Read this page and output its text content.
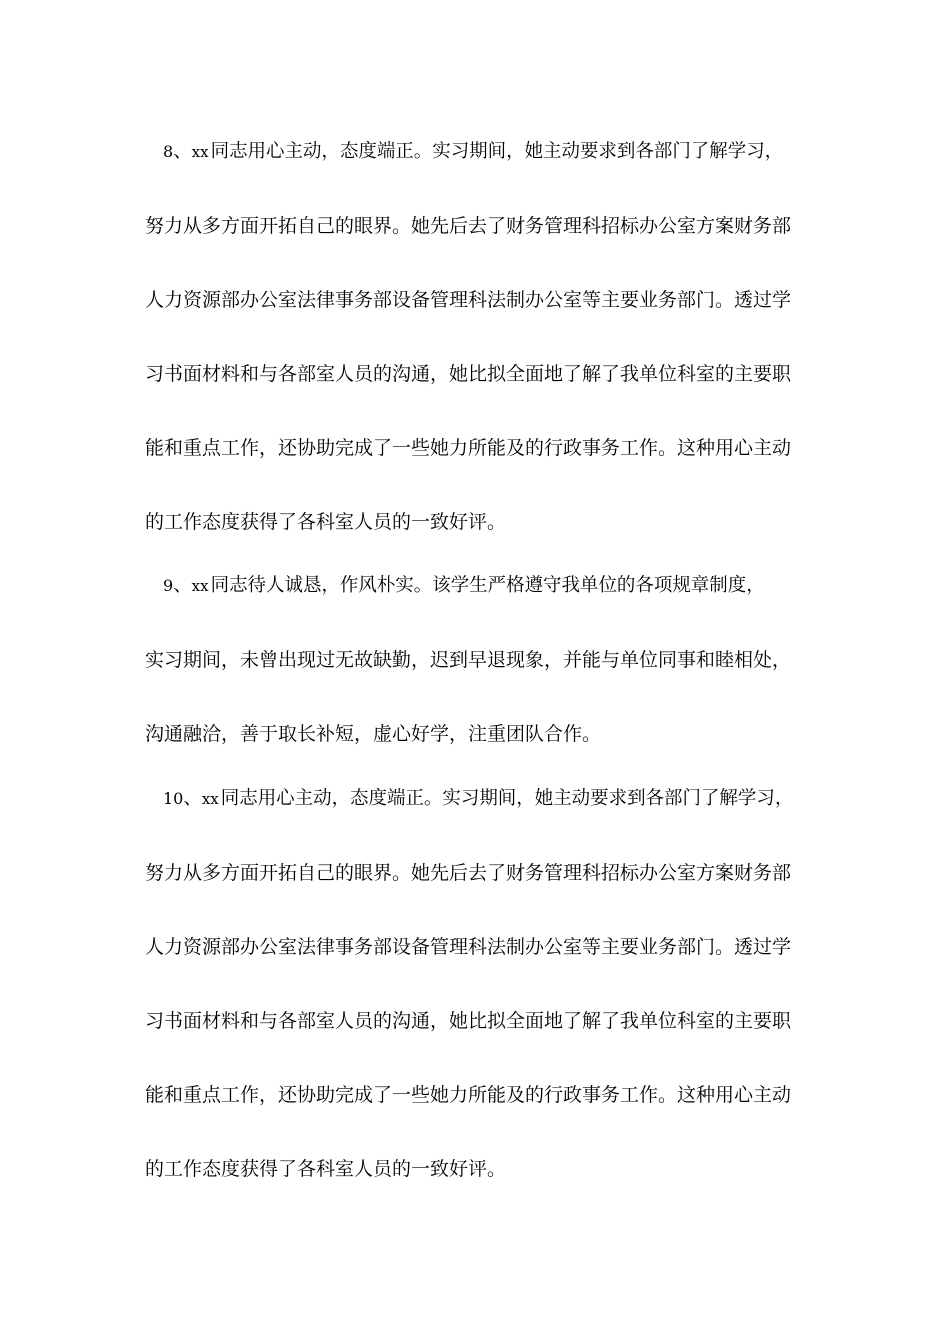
8、xx 同志用心主动，态度端正。实习期间，她主动要求到各部门了解学习，
努力从多方面开拓自己的眼界。她先后去了财务管理科招标办公室方案财务部
人力资源部办公室法律事务部设备管理科法制办公室等主要业务部门。透过学
习书面材料和与各部室人员的沟通，她比拟全面地了解了我单位科室的主要职
能和重点工作，还协助完成了一些她力所能及的行政事务工作。这种用心主动
的工作态度获得了各科室人员的一致好评。
9、xx 同志待人诚恳，作风朴实。该学生严格遵守我单位的各项规章制度，
实习期间，未曾出现过无故缺勤，迟到早退现象，并能与单位同事和睦相处，
沟通融洽，善于取长补短，虚心好学，注重团队合作。
10、xx 同志用心主动，态度端正。实习期间，她主动要求到各部门了解学习，
努力从多方面开拓自己的眼界。她先后去了财务管理科招标办公室方案财务部
人力资源部办公室法律事务部设备管理科法制办公室等主要业务部门。透过学
习书面材料和与各部室人员的沟通，她比拟全面地了解了我单位科室的主要职
能和重点工作，还协助完成了一些她力所能及的行政事务工作。这种用心主动
的工作态度获得了各科室人员的一致好评。
